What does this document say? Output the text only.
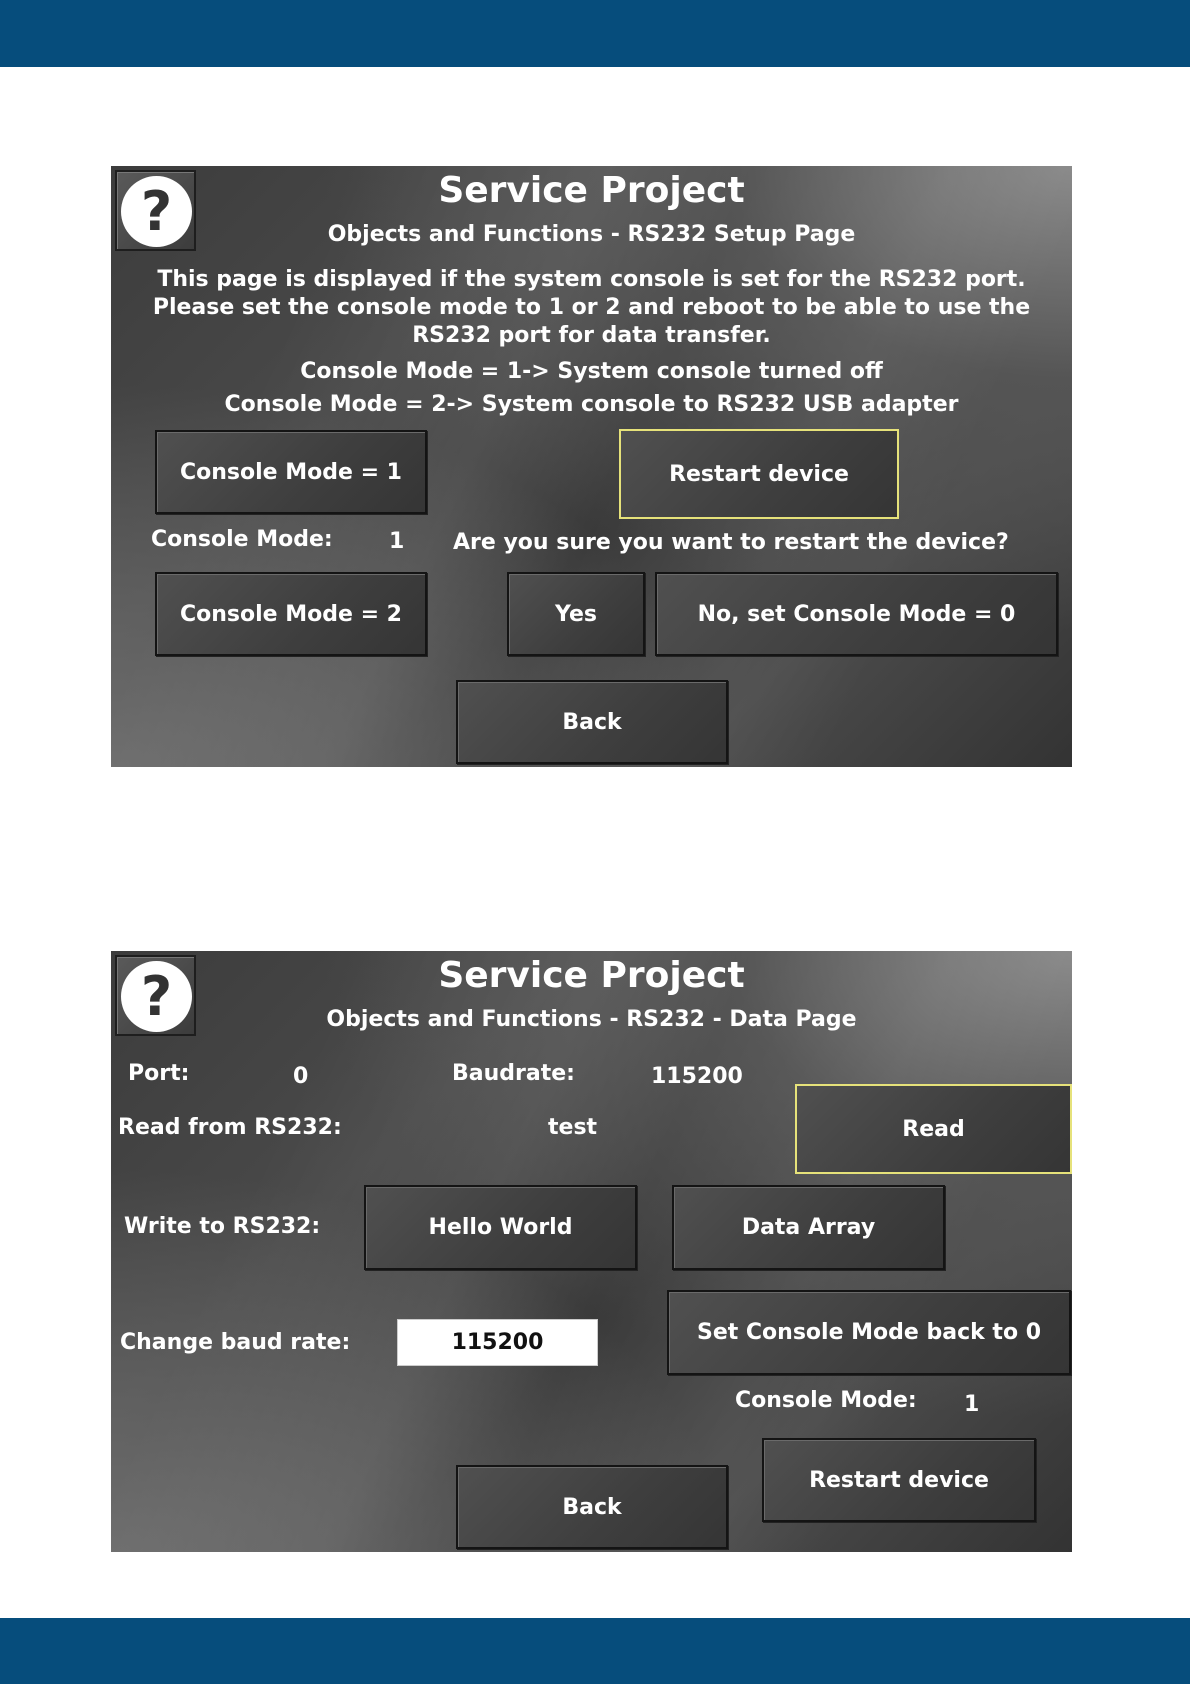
?	Service Project
Objects and Functions - RS232 Setup Page
This page is displayed if the system console is set for the RS232 port.
Please set the console mode to 1 or 2 and reboot to be able to use the
RS232 port for data transfer.
Console Mode = 1-> System console turned off
Console Mode = 2-> System console to RS232 USB adapter
Console Mode = 1	Restart device
Console Mode:	1 Are you sure you want to restart the device?
Console Mode = 2	Yes	No, set Console Mode = 0
Back
?	Service Project
Objects and Functions - RS232 - Data Page
Port:	0	Baudrate:	115200
Read from RS232:	test	Read
Write to RS232:	Hello World	Data Array
Change baud rate:	115200	Set Console Mode back to 0
Console Mode: 1
Back
Restart device
